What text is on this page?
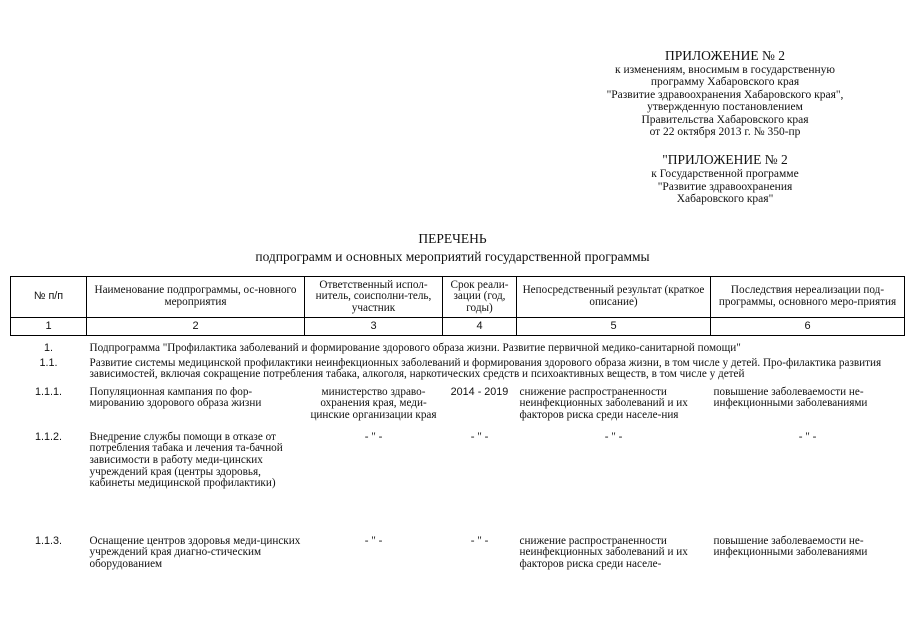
ПРИЛОЖЕНИЕ № 2
к изменениям, вносимым в государственную
программу Хабаровского края
"Развитие здравоохранения Хабаровского края",
утвержденную постановлением
Правительства Хабаровского края
от 22 октября 2013 г. № 350-пр
"ПРИЛОЖЕНИЕ № 2
к Государственной программе
"Развитие здравоохранения
Хабаровского края"
ПЕРЕЧЕНЬ
подпрограмм и основных мероприятий государственной программы
№ п/п	Наименование подпрограммы, ос-новного мероприятия	Ответственный испол-нитель, соисполни-тель, участник	Срок реали-зации (год, годы)	Непосредственный результат (краткое описание)	Последствия нереализации под-программы, основного меро-приятия
1	2	3	4	5	6
1.	Подпрограмма "Профилактика заболеваний и формирование здорового образа жизни. Развитие первичной медико-санитарной помощи"				
1.1.	Развитие системы медицинской профилактики неинфекционных заболеваний и формирования здорового образа жизни, в том числе у детей. Про-филактика развития зависимостей, включая сокращение потребления табака, алкоголя, наркотических средств и психоактивных веществ, в том числе у детей				
1.1.1.	Популяционная кампания по фор-мированию здорового образа жизни	министерство здраво-охранения края, меди-цинские организации края	2014 - 2019	снижение распространенности неинфекционных заболеваний и их факторов риска среди населе-ния	повышение заболеваемости не-инфекционными заболеваниями
1.1.2.	Внедрение службы помощи в отказе от потребления табака и лечения та-бачной зависимости в работу меди-цинских учреждений края (центры здоровья, кабинеты медицинской профилактики)	- " -	- " -	- " -	- " -
1.1.3.	Оснащение центров здоровья меди-цинских учреждений края диагно-стическим оборудованием	- " -	- " -	снижение распространенности неинфекционных заболеваний и их факторов риска среди населе-	повышение заболеваемости не-инфекционными заболеваниями
